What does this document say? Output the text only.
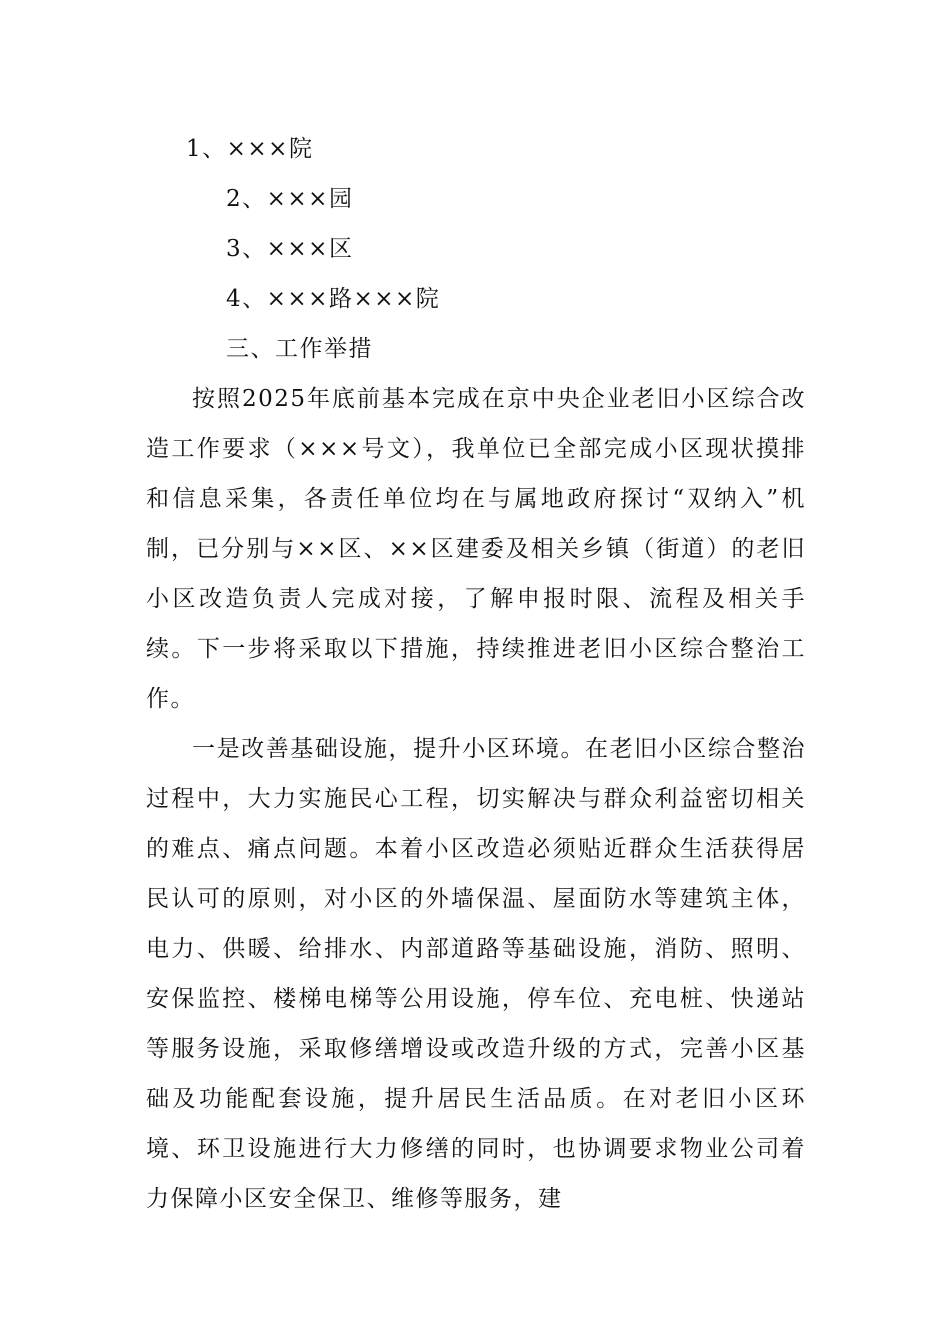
1、×××院
2、×××园
3、×××区
4、×××路×××院
三、工作举措
按照2025年底前基本完成在京中央企业老旧小区综合改造工作要求（×××号文），我单位已全部完成小区现状摸排和信息采集，各责任单位均在与属地政府探讨“双纳入”机制，已分别与××区、××区建委及相关乡镇（街道）的老旧小区改造负责人完成对接，了解申报时限、流程及相关手续。下一步将采取以下措施，持续推进老旧小区综合整治工作。
一是改善基础设施，提升小区环境。在老旧小区综合整治过程中，大力实施民心工程，切实解决与群众利益密切相关的难点、痛点问题。本着小区改造必须贴近群众生活获得居民认可的原则，对小区的外墙保温、屋面防水等建筑主体，电力、供暖、给排水、内部道路等基础设施，消防、照明、安保监控、楼梯电梯等公用设施，停车位、充电桩、快递站等服务设施，采取修缮增设或改造升级的方式，完善小区基础及功能配套设施，提升居民生活品质。在对老旧小区环境、环卫设施进行大力修缮的同时，也协调要求物业公司着力保障小区安全保卫、维修等服务，建
